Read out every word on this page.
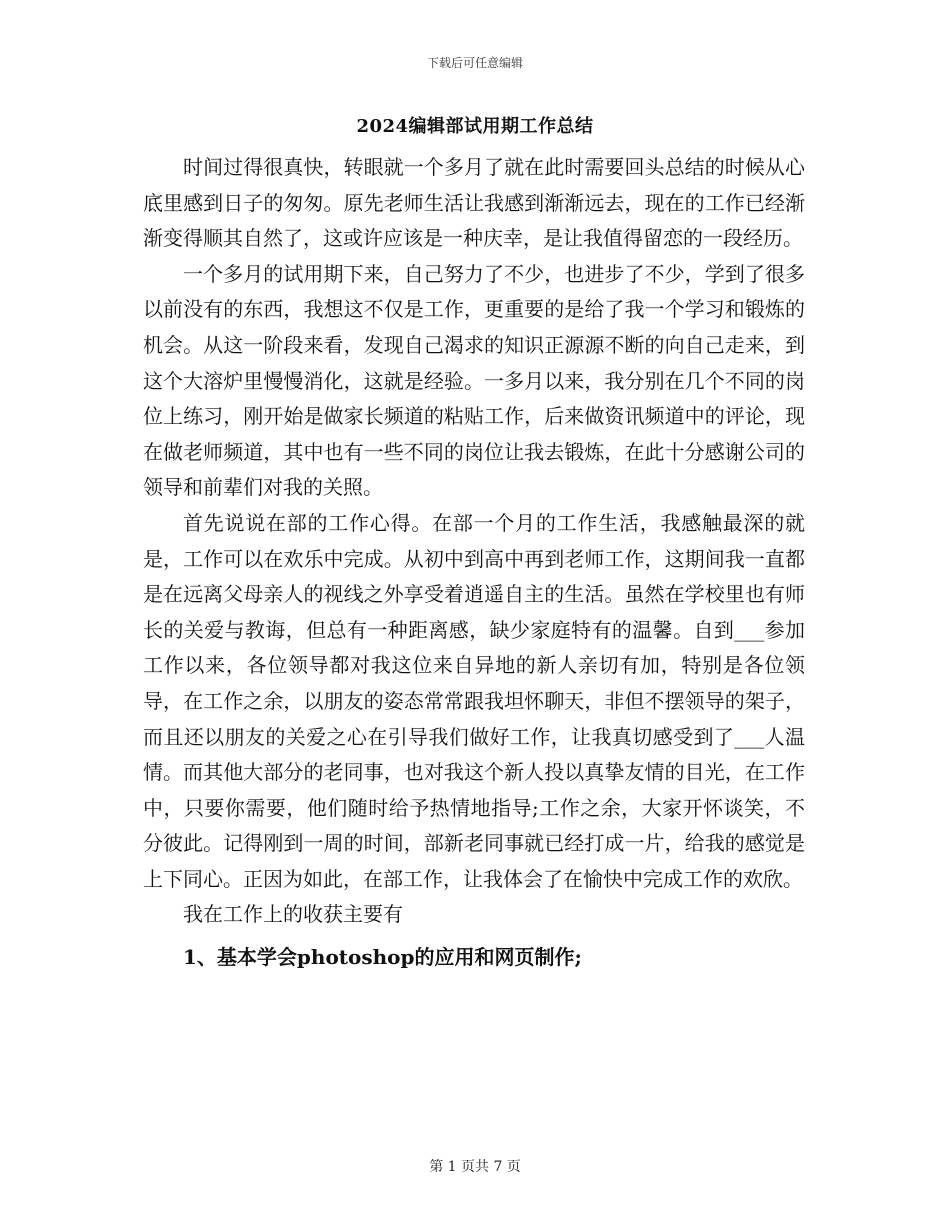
下载后可任意编辑
2024编辑部试用期工作总结

时间过得很真快，转眼就一个多月了就在此时需要回头总结的时候从心底里感到日子的匆匆。原先老师生活让我感到渐渐远去，现在的工作已经渐渐变得顺其自然了，这或许应该是一种庆幸，是让我值得留恋的一段经历。

一个多月的试用期下来，自己努力了不少，也进步了不少，学到了很多以前没有的东西，我想这不仅是工作，更重要的是给了我一个学习和锻炼的机会。从这一阶段来看，发现自己渴求的知识正源源不断的向自己走来，到这个大溶炉里慢慢消化，这就是经验。一多月以来，我分别在几个不同的岗位上练习，刚开始是做家长频道的粘贴工作，后来做资讯频道中的评论，现在做老师频道，其中也有一些不同的岗位让我去锻炼，在此十分感谢公司的领导和前辈们对我的关照。

首先说说在部的工作心得。在部一个月的工作生活，我感触最深的就是，工作可以在欢乐中完成。从初中到高中再到老师工作，这期间我一直都是在远离父母亲人的视线之外享受着逍遥自主的生活。虽然在学校里也有师长的关爱与教诲，但总有一种距离感，缺少家庭特有的温馨。自到___参加工作以来，各位领导都对我这位来自异地的新人亲切有加，特别是各位领导，在工作之余，以朋友的姿态常常跟我坦怀聊天，非但不摆领导的架子，而且还以朋友的关爱之心在引导我们做好工作，让我真切感受到了___人温情。而其他大部分的老同事，也对我这个新人投以真挚友情的目光，在工作中，只要你需要，他们随时给予热情地指导;工作之余，大家开怀谈笑，不分彼此。记得刚到一周的时间，部新老同事就已经打成一片，给我的感觉是上下同心。正因为如此，在部工作，让我体会了在愉快中完成工作的欢欣。

我在工作上的收获主要有

1、基本学会photoshop的应用和网页制作;

第 1 页共 7 页
